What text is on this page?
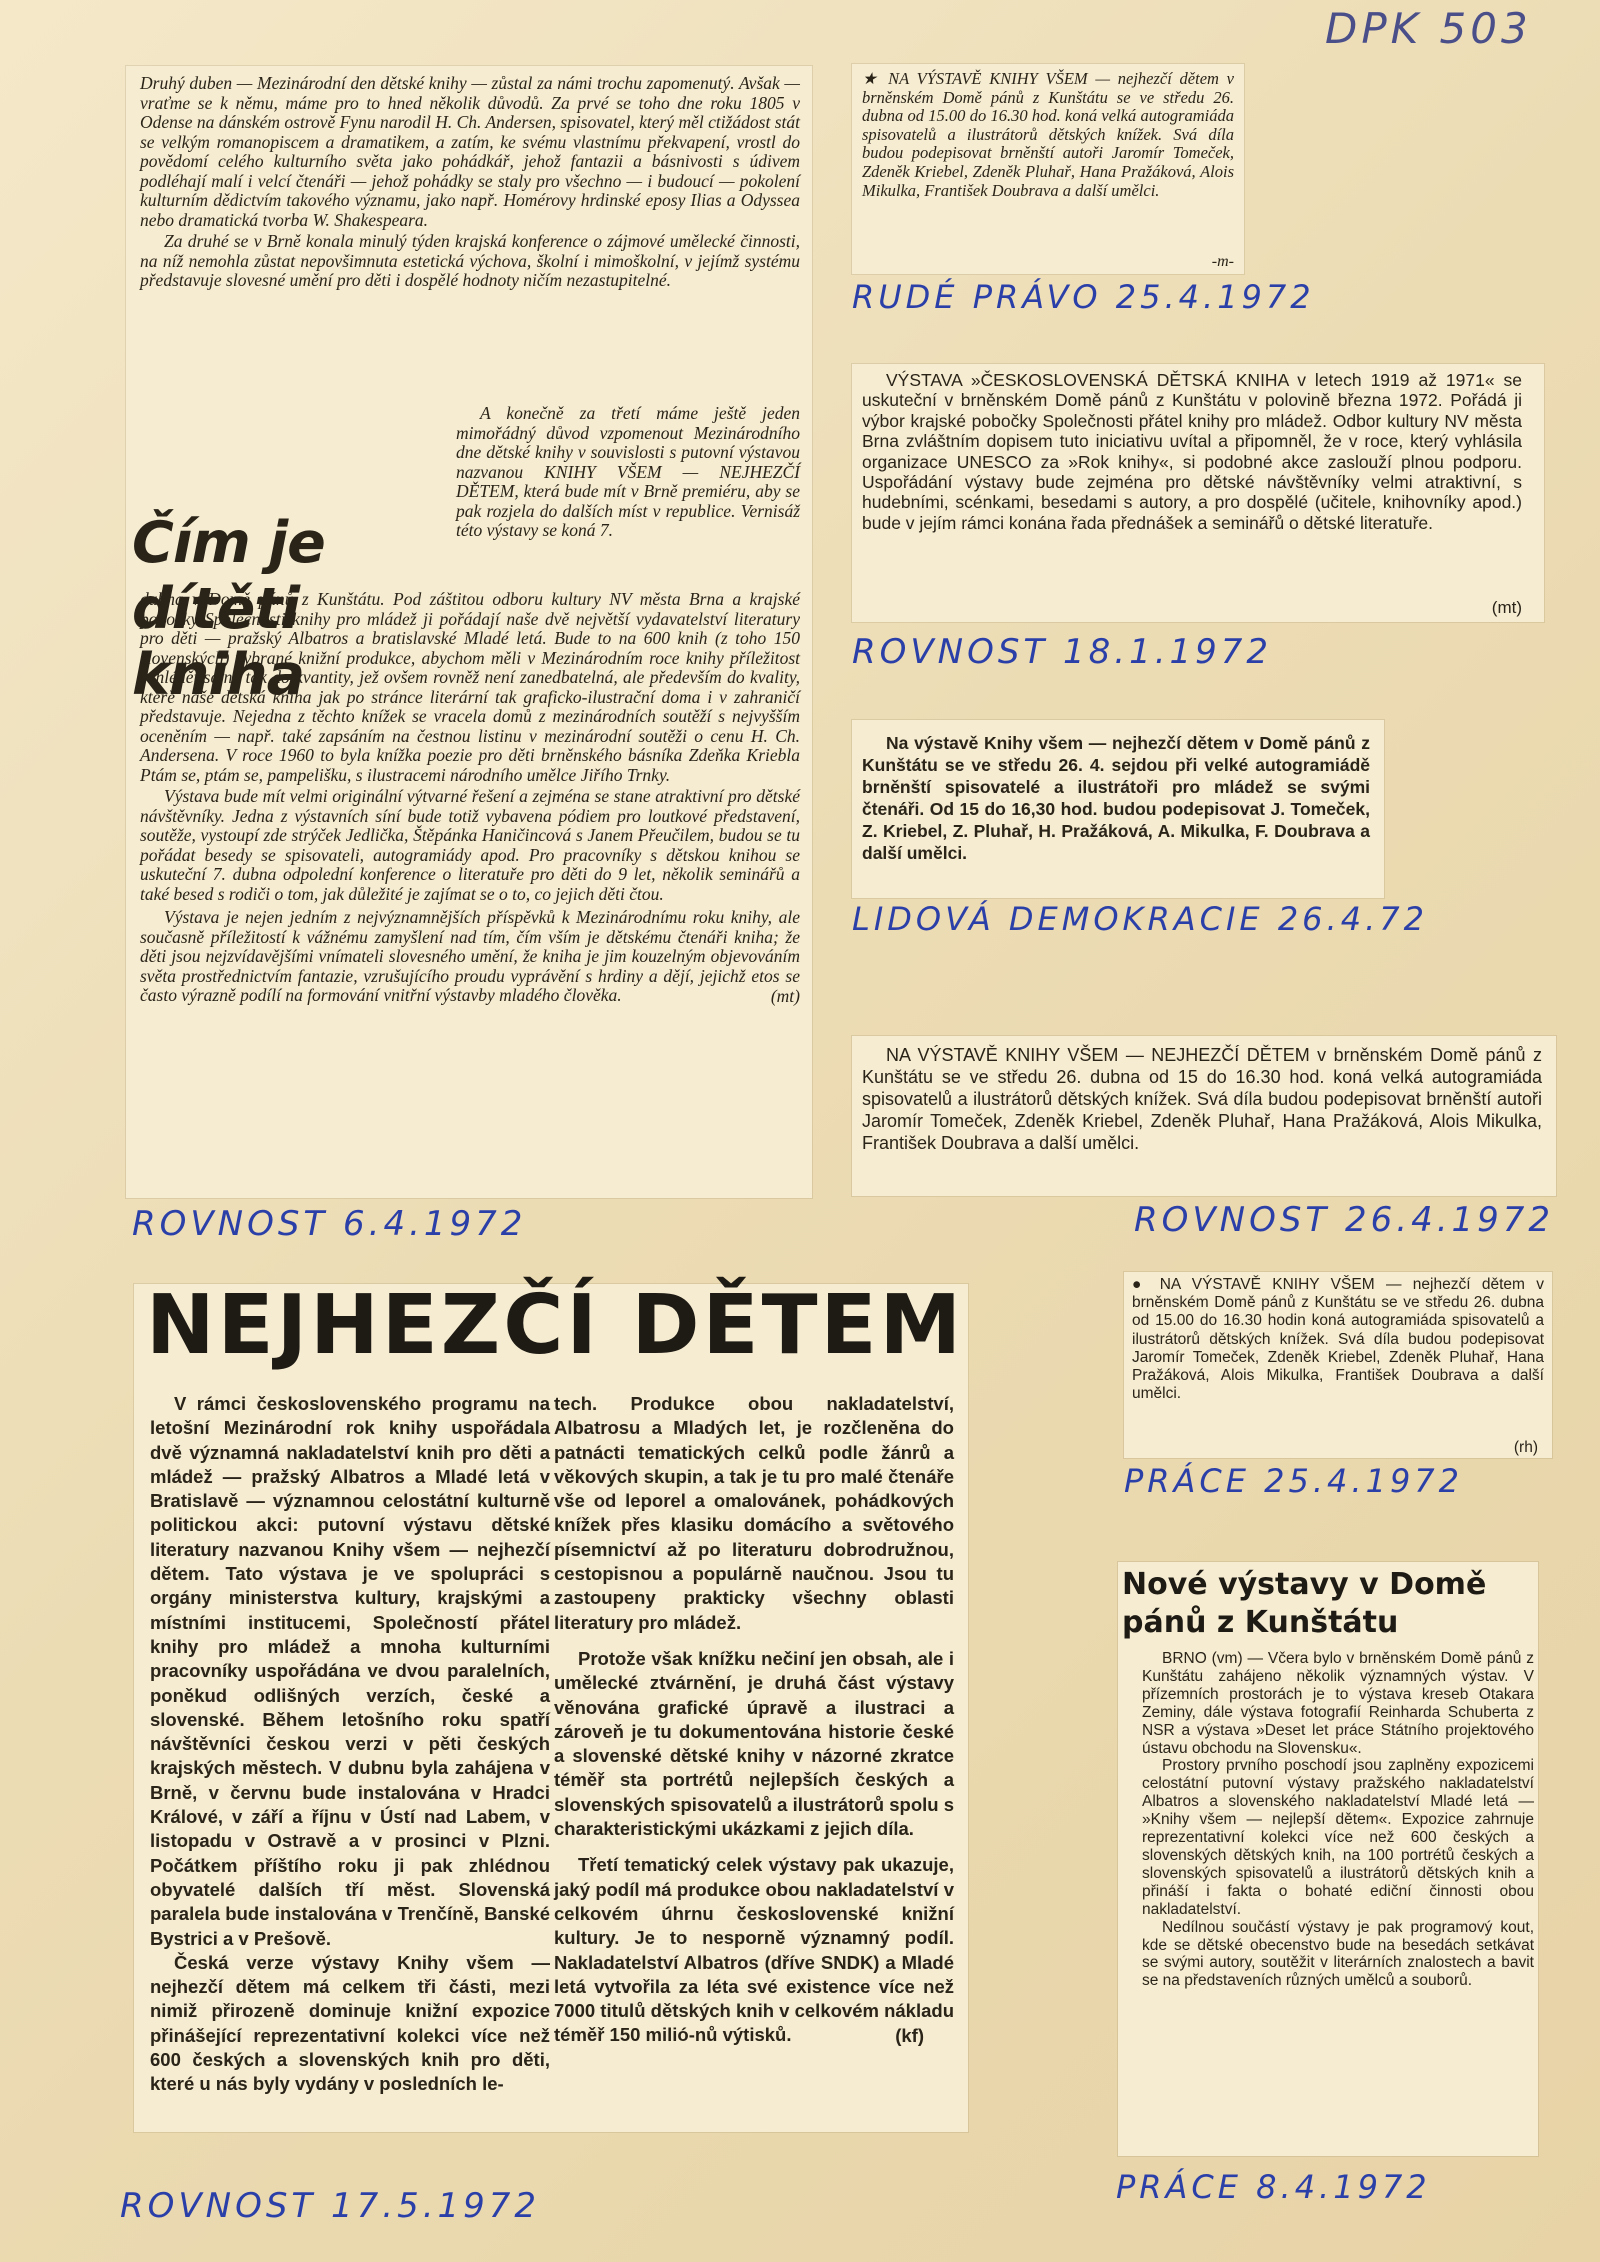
DPK 503

Druhý duben — Mezinárodní den dětské knihy — zůstal za námi trochu zapomenutý. Avšak — vraťme se k němu, máme pro to hned několik důvodů. Za prvé se toho dne roku 1805 v Odense na dánském ostrově Fynu narodil H. Ch. Andersen, spisovatel, který měl ctižádost stát se velkým romanopiscem a dramatikem, a zatím, ke svému vlastnímu překvapení, vrostl do povědomí celého kulturního světa jako pohádkář, jehož fantazii a básnivosti s údivem podléhají malí i velcí čtenáři — jehož pohádky se staly pro všechno — i budoucí — pokolení kulturním dědictvím takového významu, jako např. Homérovy hrdinské eposy Ilias a Odyssea nebo dramatická tvorba W. Shakespeara.

Za druhé se v Brně konala minulý týden krajská konference o zájmové umělecké činnosti, na níž nemohla zůstat nepovšimnuta estetická výchova, školní i mimoškolní, v jejímž systému představuje slovesné umění pro děti i dospělé hodnoty ničím nezastupitelné.

Čím je
dítěti kniha

A konečně za třetí máme ještě jeden mimořádný důvod vzpomenout Mezinárodního dne dětské knihy v souvislosti s putovní výstavou nazvanou KNIHY VŠEM — NEJHEZČÍ DĚTEM, která bude mít v Brně premiéru, aby se pak rozjela do dalších míst v republice. Vernisáž této výstavy se koná 7.

dubna v Domě pánů z Kunštátu. Pod záštitou odboru kultury NV města Brna a krajské pobočky Společnosti knihy pro mládež ji pořádají naše dvě největší vydavatelství literatury pro děti — pražský Albatros a bratislavské Mladé letá. Bude to na 600 knih (z toho 150 slovenských) vybrané knižní produkce, abychom měli v Mezinárodním roce knihy příležitost zahlédět se ne tak do kvantity, jež ovšem rovněž není zanedbatelná, ale především do kvality, kterě naše dětská kniha jak po stránce literární tak graficko-ilustrační doma i v zahraničí představuje. Nejedna z těchto knížek se vracela domů z mezinárodních soutěží s nejvyšším oceněním — např. také zapsáním na čestnou listinu v mezinárodní soutěži o cenu H. Ch. Andersena. V roce 1960 to byla knížka poezie pro děti brněnského básníka Zdeňka Kriebla Ptám se, ptám se, pampelišku, s ilustracemi národního umělce Jiřího Trnky.

Výstava bude mít velmi originální výtvarné řešení a zejména se stane atraktivní pro dětské návštěvníky. Jedna z výstavních síní bude totiž vybavena pódiem pro loutkové představení, soutěže, vystoupí zde strýček Jedlička, Štěpánka Haničincová s Janem Přeučilem, budou se tu pořádat besedy se spisovateli, autogramiády apod. Pro pracovníky s dětskou knihou se uskuteční 7. dubna odpolední konference o literatuře pro děti do 9 let, několik seminářů a také besed s rodiči o tom, jak důležité je zajímat se o to, co jejich děti čtou.

Výstava je nejen jedním z nejvýznamnějších příspěvků k Mezinárodnímu roku knihy, ale současně příležitostí k vážnému zamyšlení nad tím, čím vším je dětskému čtenáři kniha; že děti jsou nejzvídavějšími vnímateli slovesného umění, že kniha je jim kouzelným objevováním světa prostřednictvím fantazie, vzrušujícího proudu vyprávění s hrdiny a dějí, jejichž etos se často výrazně podílí na formování vnitřní výstavby mladého člověka.	(mt)

ROVNOST 6.4.1972

★ NA VÝSTAVĚ KNIHY VŠEM — nejhezčí dětem v brněnském Domě pánů z Kunštátu se ve středu 26. dubna od 15.00 do 16.30 hod. koná velká autogramiáda spisovatelů a ilustrátorů dětských knížek. Svá díla budou podepisovat brněnští autoři Jaromír Tomeček, Zdeněk Kriebel, Zdeněk Pluhař, Hana Pražáková, Alois Mikulka, František Doubrava a další umělci.

-m-

RUDÉ PRÁVO 25.4.1972

VÝSTAVA »ČESKOSLOVENSKÁ DĚTSKÁ KNIHA v letech 1919 až 1971« se uskuteční v brněnském Domě pánů z Kunštátu v polovině března 1972. Pořádá ji výbor krajské pobočky Společnosti přátel knihy pro mládež. Odbor kultury NV města Brna zvláštním dopisem tuto iniciativu uvítal a připomněl, že v roce, který vyhlásila organizace UNESCO za »Rok knihy«, si podobné akce zaslouží plnou podporu. Uspořádání výstavy bude zejména pro dětské návštěvníky velmi atraktivní, s hudebními, scénkami, besedami s autory, a pro dospělé (učitele, knihovníky apod.) bude v jejím rámci konána řada přednášek a seminářů o dětské literatuře.

(mt)

ROVNOST 18.1.1972

Na výstavě Knihy všem — nejhezčí dětem v Domě pánů z Kunštátu se ve středu 26. 4. sejdou při velké autogramiádě brněnští spisovatelé a ilustrátoři pro mládež se svými čtenáři. Od 15 do 16,30 hod. budou podepisovat J. Tomeček, Z. Kriebel, Z. Pluhař, H. Pražáková, A. Mikulka, F. Doubrava a další umělci.

LIDOVÁ DEMOKRACIE 26.4.72

NA VÝSTAVĚ KNIHY VŠEM — NEJHEZČÍ DĚTEM v brněnském Domě pánů z Kunštátu se ve středu 26. dubna od 15 do 16.30 hod. koná velká autogramiáda spisovatelů a ilustrátorů dětských knížek. Svá díla budou podepisovat brněnští autoři Jaromír Tomeček, Zdeněk Kriebel, Zdeněk Pluhař, Hana Pražáková, Alois Mikulka, František Doubrava a další umělci.

ROVNOST 26.4.1972
NEJHEZČÍ DĚTEM

V rámci československého programu na letošní Mezinárodní rok knihy uspořádala dvě významná nakladatelství knih pro děti a mládež — pražský Albatros a Mladé letá v Bratislavě — významnou celostátní kulturně politickou akci: putovní výstavu dětské literatury nazvanou Knihy všem — nejhezčí dětem. Tato výstava je ve spolupráci s orgány ministerstva kultury, krajskými a místními institucemi, Společností přátel knihy pro mládež a mnoha kulturními pracovníky uspořádána ve dvou paralelních, poněkud odlišných verzích, české a slovenské. Během letošního roku spatří návštěvníci českou verzi v pěti českých krajských městech. V dubnu byla zahájena v Brně, v červnu bude instalována v Hradci Králové, v září a říjnu v Ústí nad Labem, v listopadu v Ostravě a v prosinci v Plzni. Počátkem příštího roku ji pak zhlédnou obyvatelé dalších tří měst. Slovenská paralela bude instalována v Trenčíně, Banské Bystrici a v Prešově.

Česká verze výstavy Knihy všem — nejhezčí dětem má celkem tři části, mezi nimiž přirozeně dominuje knižní expozice přinášející reprezentativní kolekci více než 600 českých a slovenských knih pro děti, které u nás byly vydány v posledních le-

tech. Produkce obou nakladatelství, Albatrosu a Mladých let, je rozčleněna do patnácti tematických celků podle žánrů a věkových skupin, a tak je tu pro malé čtenáře vše od leporel a omalovánek, pohádkových knížek přes klasiku domácího a světového písemnictví až po literaturu dobrodružnou, cestopisnou a populárně naučnou. Jsou tu zastoupeny prakticky všechny oblasti literatury pro mládež.

Protože však knížku nečiní jen obsah, ale i umělecké ztvárnění, je druhá část výstavy věnována grafické úpravě a ilustraci a zároveň je tu dokumentována historie české a slovenské dětské knihy v názorné zkratce téměř sta portrétů nejlepších českých a slovenských spisovatelů a ilustrátorů spolu s charakteristickými ukázkami z jejich díla.

Třetí tematický celek výstavy pak ukazuje, jaký podíl má produkce obou nakladatelství v celkovém úhrnu československé knižní kultury. Je to nesporně významný podíl. Nakladatelství Albatros (dříve SNDK) a Mladé letá vytvořila za léta své existence více než 7000 titulů dětských knih v celkovém nákladu téměř 150 milió-nů výtisků.	(kf)

ROVNOST 17.5.1972

● NA VÝSTAVĚ KNIHY VŠEM — nejhezčí dětem v brněnském Domě pánů z Kunštátu se ve středu 26. dubna od 15.00 do 16.30 hodin koná autogramiáda spisovatelů a ilustrátorů dětských knížek. Svá díla budou podepisovat Jaromír Tomeček, Zdeněk Kriebel, Zdeněk Pluhař, Hana Pražáková, Alois Mikulka, František Doubrava a další umělci.

(rh)

PRÁCE 25.4.1972
Nové výstavy v Domě pánů z Kunštátu

BRNO (vm) — Včera bylo v brněnském Domě pánů z Kunštátu zahájeno několik významných výstav. V přízemních prostorách je to výstava kreseb Otakara Zeminy, dále výstava fotografií Reinharda Schuberta z NSR a výstava »Deset let práce Státního projektového ústavu obchodu na Slovensku«.

Prostory prvního poschodí jsou zaplněny expozicemi celostátní putovní výstavy pražského nakladatelství Albatros a slovenského nakladatelství Mladé letá — »Knihy všem — nejlepší dětem«. Expozice zahrnuje reprezentativní kolekci více než 600 českých a slovenských dětských knih, na 100 portrétů českých a slovenských spisovatelů a ilustrátorů dětských knih a přináší i fakta o bohaté ediční činnosti obou nakladatelství.

Nedílnou součástí výstavy je pak programový kout, kde se dětské obecenstvo bude na besedách setkávat se svými autory, soutěžit v literárních znalostech a bavit se na představeních různých umělců a souborů.

PRÁCE 8.4.1972
